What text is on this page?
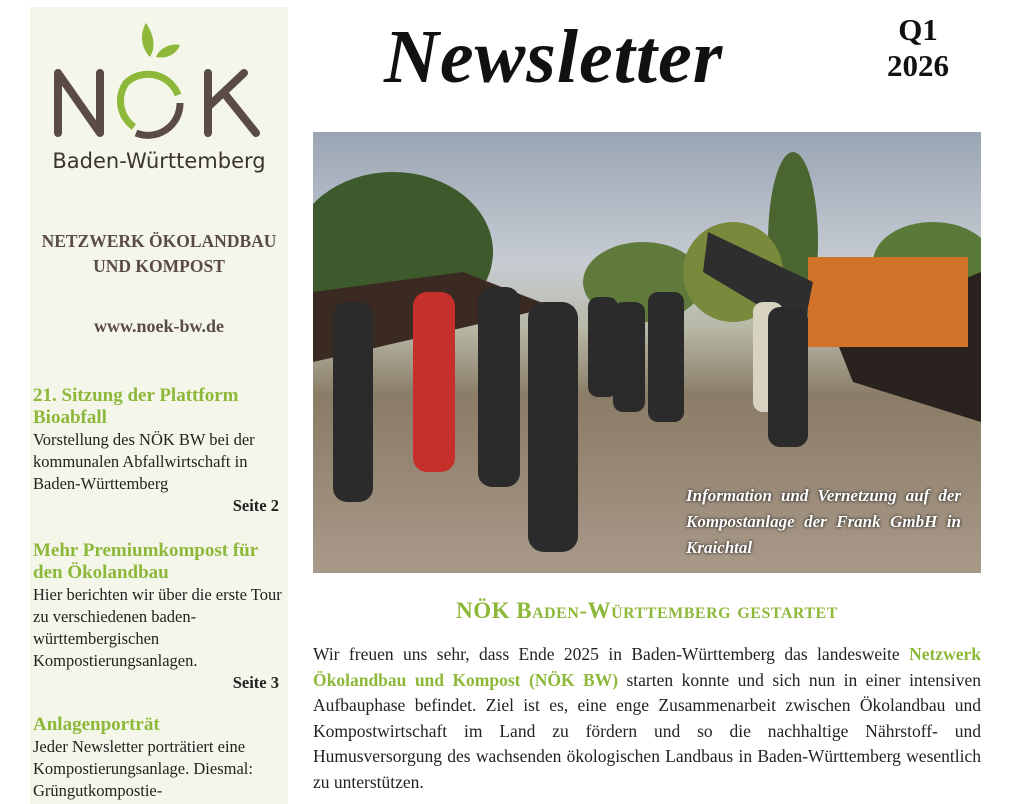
Baden-Württemberg
NETZWERK ÖKOLANDBAU
UND KOMPOST
www.noek-bw.de
21. Sitzung der Plattform Bioabfall
Vorstellung des NÖK BW bei der kommunalen Abfallwirtschaft in Baden-Württemberg
Seite 2
Mehr Premiumkompost für den Ökolandbau
Hier berichten wir über die erste Tour zu verschiedenen baden-württembergischen Kompostierungsanlagen.
Seite 3
Anlagenporträt
Jeder Newsletter porträtiert eine Kompostierungsanlage. Diesmal: Grüngutkompostie-
Newsletter	Q1
2026
Information und Vernetzung auf der Kompostanlage der Frank GmbH in Kraichtal
NÖK Baden-Württemberg gestartet

Wir freuen uns sehr, dass Ende 2025 in Baden-Württemberg das landesweite Netzwerk Ökolandbau und Kompost (NÖK BW) starten konnte und sich nun in einer intensiven Aufbauphase befindet. Ziel ist es, eine enge Zusammenarbeit zwischen Ökolandbau und Kompostwirtschaft im Land zu fördern und so die nachhaltige Nährstoff- und Humusversorgung des wachsenden ökologischen Landbaus in Baden-Württemberg wesentlich zu unterstützen.
